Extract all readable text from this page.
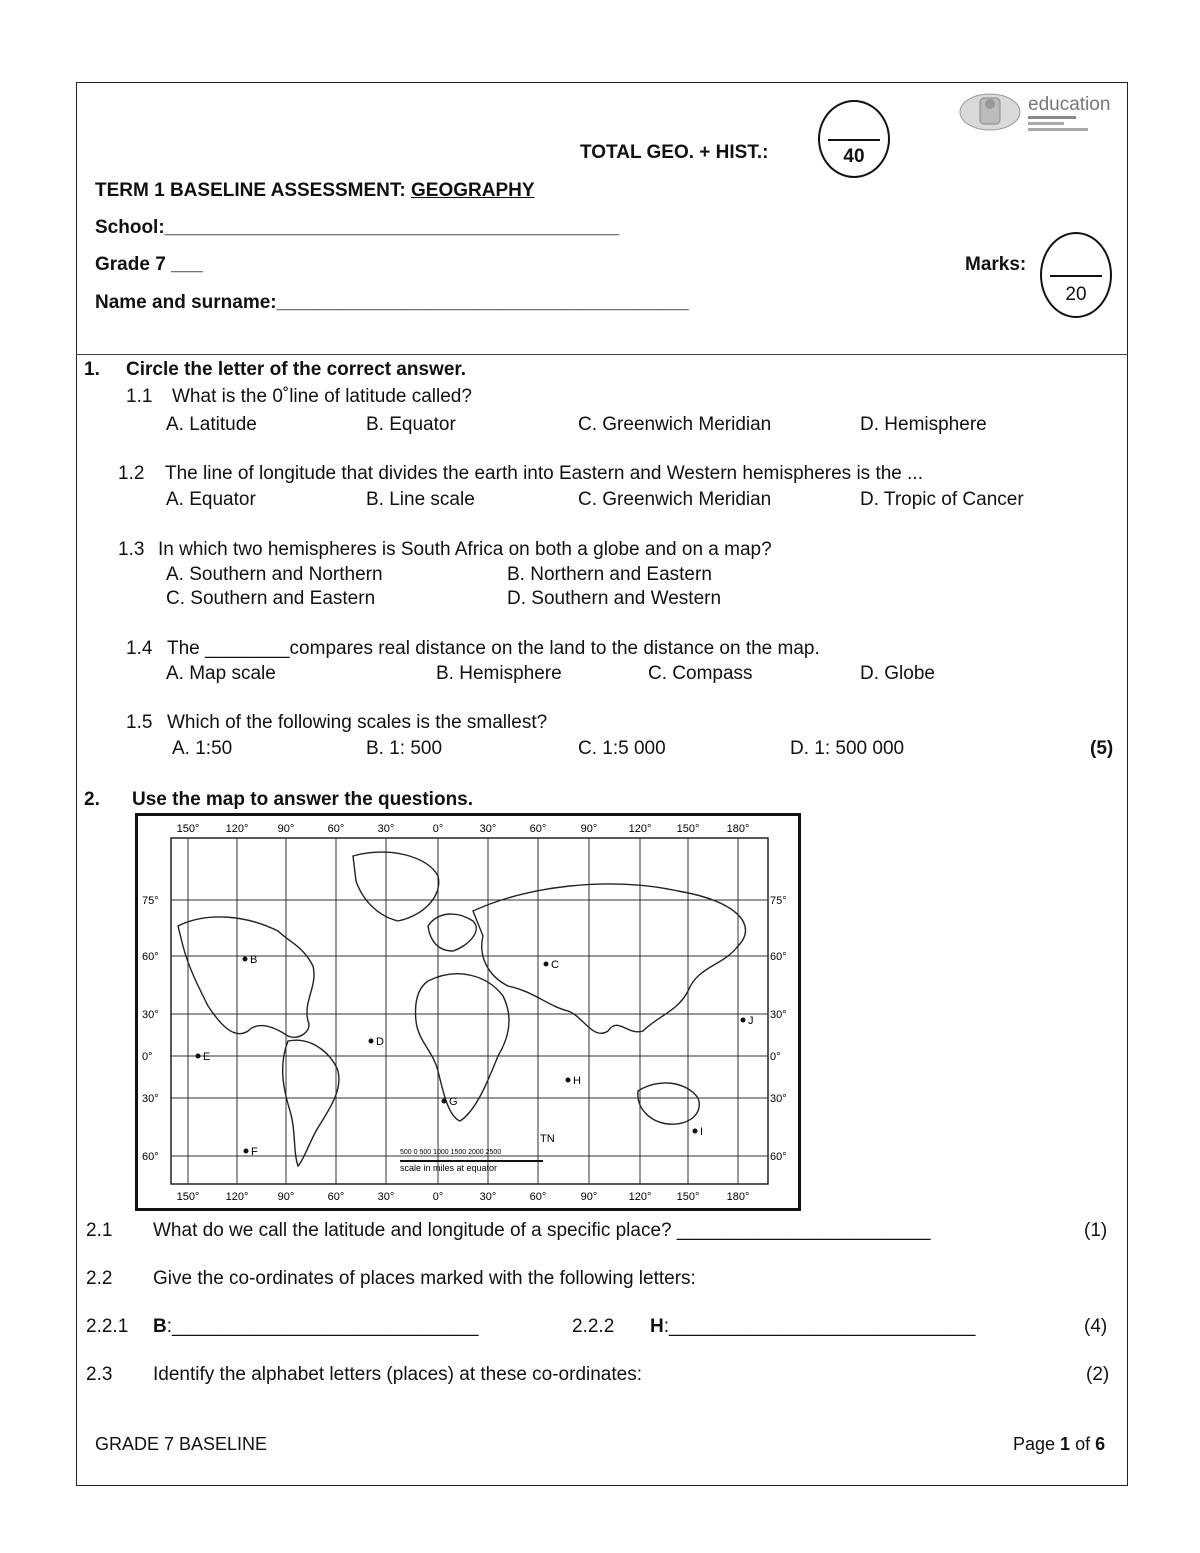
education
TOTAL GEO. + HIST.:	40
TERM 1 BASELINE ASSESSMENT: GEOGRAPHY
School:___________________________________________
Grade 7 ___	Marks:
20
Name and surname:_______________________________________
1. Circle the letter of the correct answer.
1.1 What is the 0˚line of latitude called?
A. Latitude	B. Equator	C. Greenwich Meridian	D. Hemisphere
1.2 The line of longitude that divides the earth into Eastern and Western hemispheres is the ...
A. Equator	B. Line scale	C. Greenwich Meridian	D. Tropic of Cancer
1.3 In which two hemispheres is South Africa on both a globe and on a map?
A. Southern and Northern	B. Northern and Eastern
C. Southern and Eastern	D. Southern and Western
1.4 The ________compares real distance on the land to the distance on the map.
A. Map scale	B. Hemisphere	C. Compass	D. Globe
1.5 Which of the following scales is the smallest?
A. 1:50	B. 1: 500	C. 1:5 000	D. 1: 500 000	(5)
2. Use the map to answer the questions.
150° 120°	90°	60°	30°	0°	30°	60°	90°	120° 150° 180°
150° 120°	90°	60°	30°	0°	30°	60°	90°	120° 150° 180°
75°
60°
30°
0°
30°
60°
75°
60°
30°
0°
30°
60°
B	C
D
E
F
G
H
I
J
500 0 500 1000 1500 2000 2500
scale in miles at equator
TN
2.1 What do we call the latitude and longitude of a specific place? ________________________	(1)
2.2 Give the co-ordinates of places marked with the following letters:
2.2.1 B:_____________________________	2.2.2 H:_____________________________	(4)
2.3 Identify the alphabet letters (places) at these co-ordinates:	(2)
GRADE 7 BASELINE	Page 1 of 6
